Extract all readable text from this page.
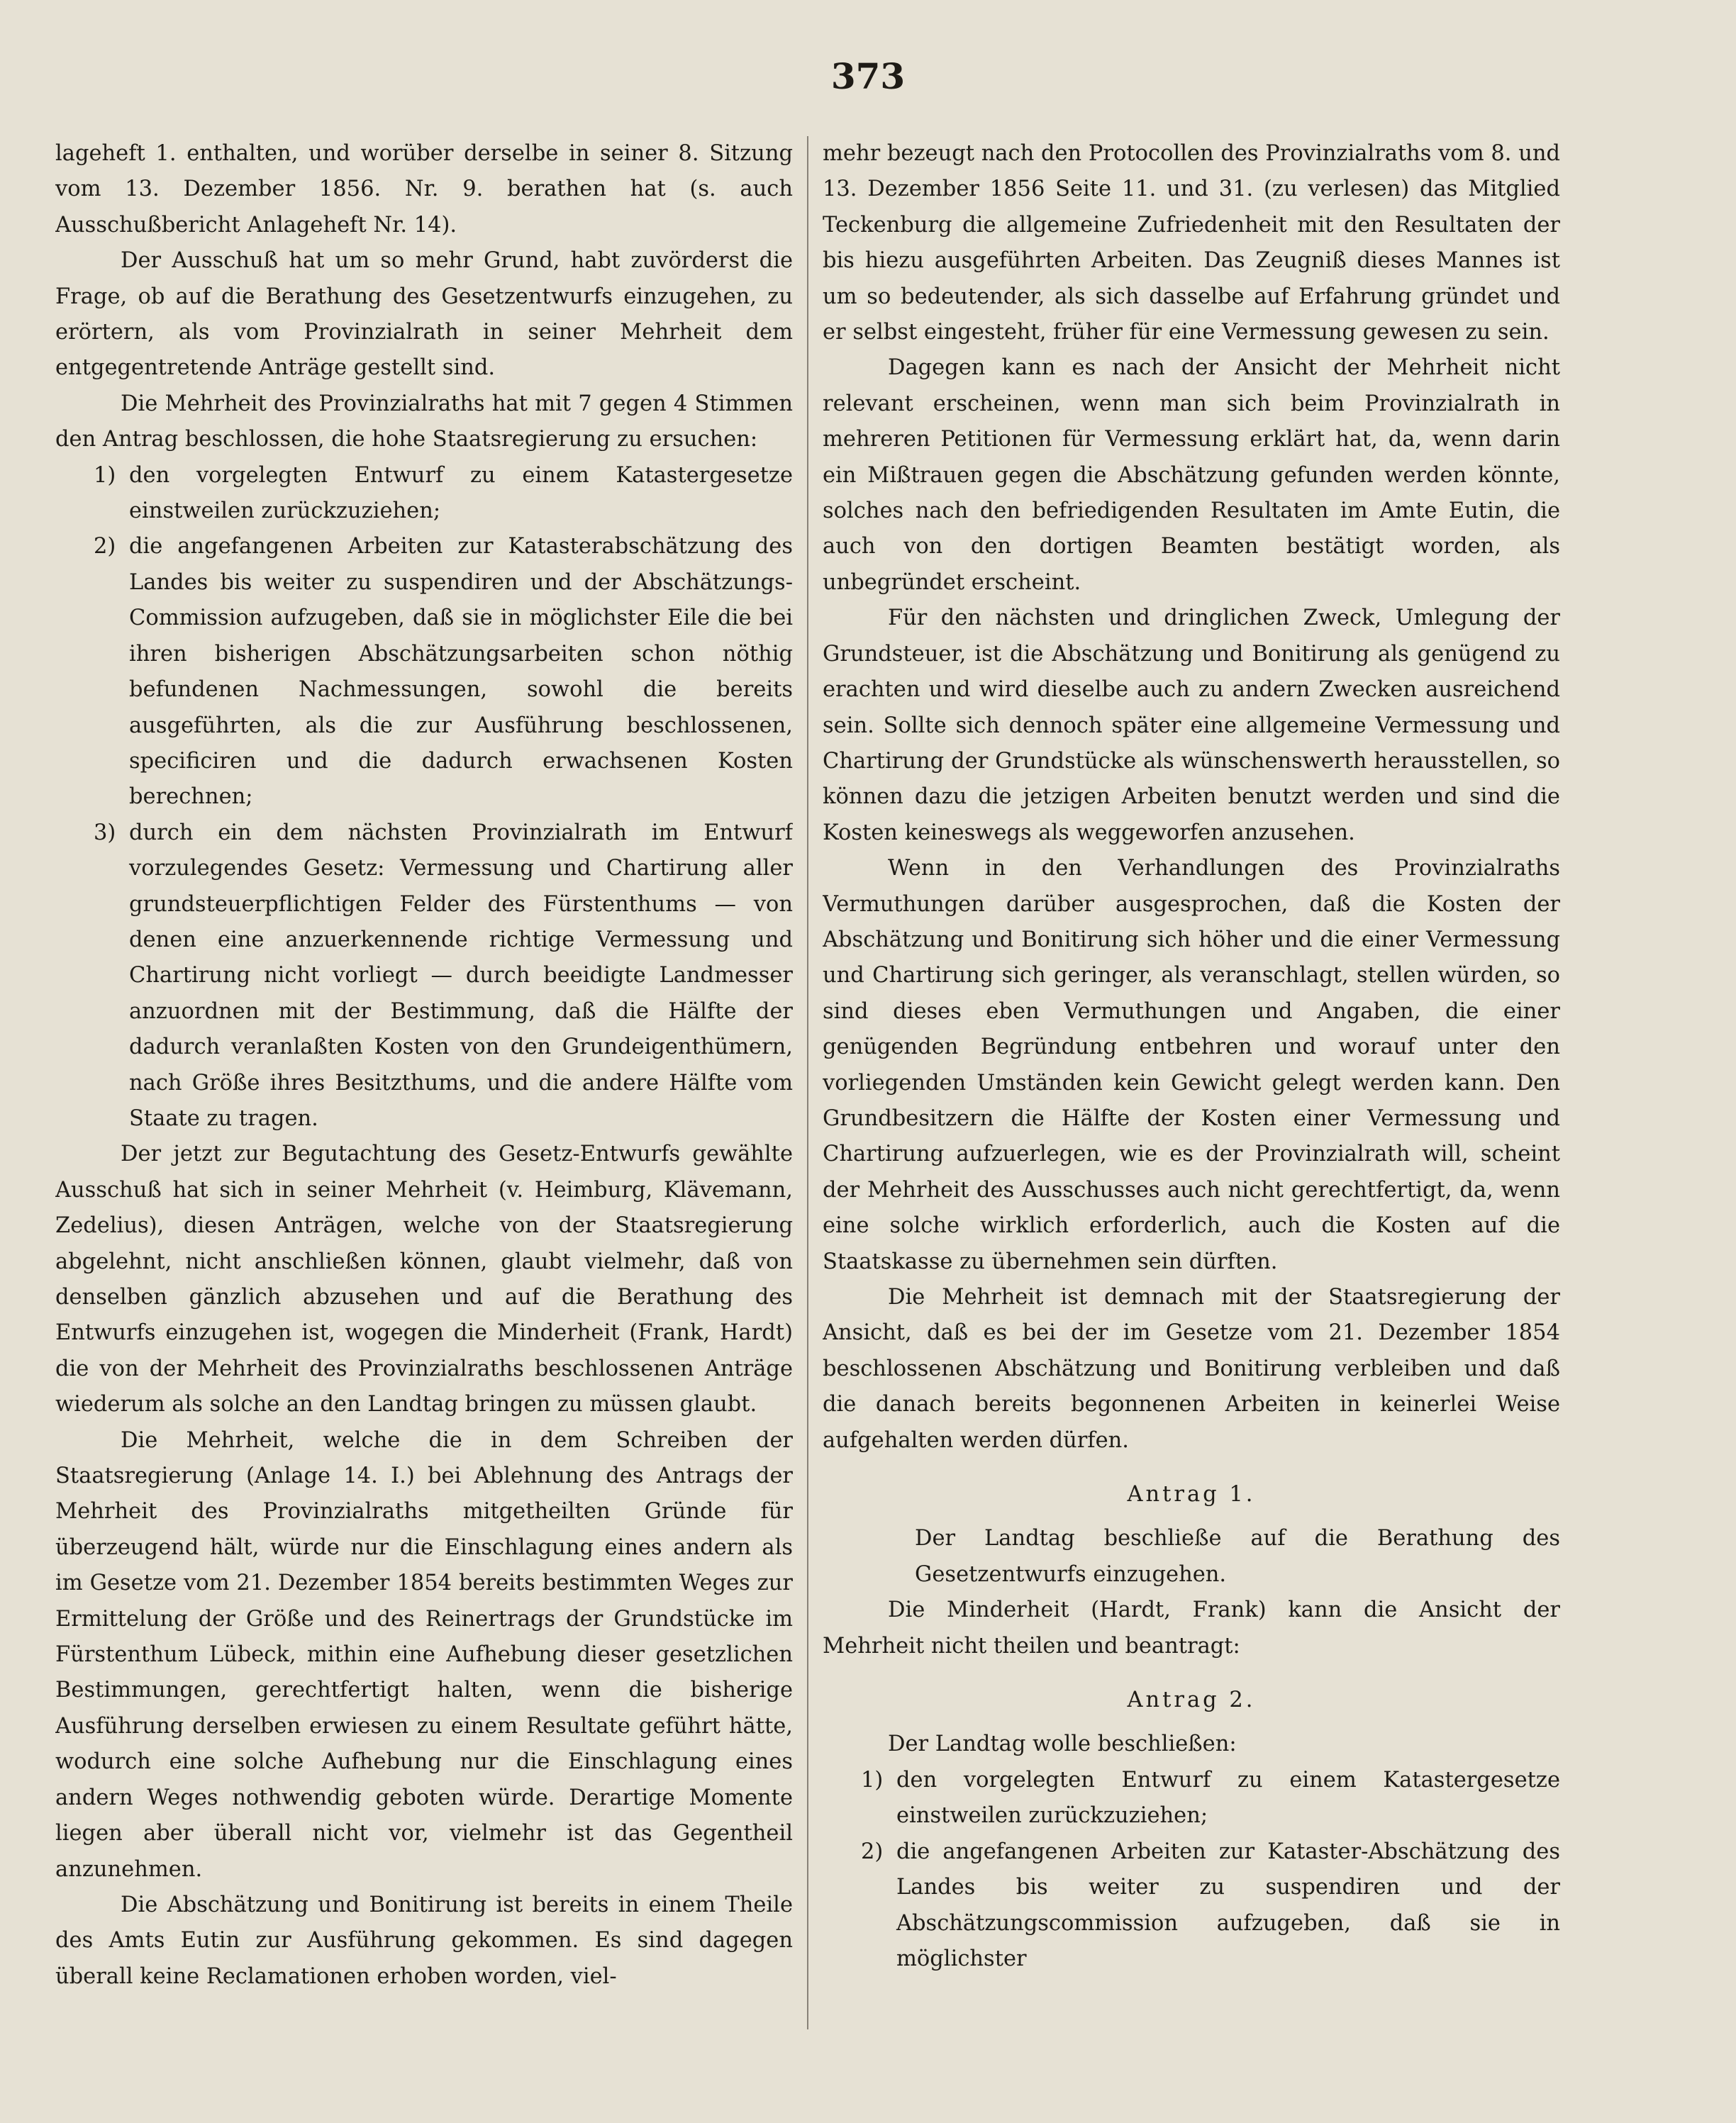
373

lageheft 1. enthalten, und worüber derselbe in seiner 8. Sitzung vom 13. Dezember 1856. Nr. 9. berathen hat (s. auch Ausschußbericht Anlageheft Nr. 14).

Der Ausschuß hat um so mehr Grund, habt zuvörderst die Frage, ob auf die Berathung des Gesetzentwurfs einzugehen, zu erörtern, als vom Provinzialrath in seiner Mehrheit dem entgegentretende Anträge gestellt sind.

Die Mehrheit des Provinzialraths hat mit 7 gegen 4 Stimmen den Antrag beschlossen, die hohe Staatsregierung zu ersuchen:

1) den vorgelegten Entwurf zu einem Katastergesetze einstweilen zurückzuziehen;
2) die angefangenen Arbeiten zur Katasterabschätzung des Landes bis weiter zu suspendiren und der Abschätzungs-Commission aufzugeben, daß sie in möglichster Eile die bei ihren bisherigen Abschätzungsarbeiten schon nöthig befundenen Nachmessungen, sowohl die bereits ausgeführten, als die zur Ausführung beschlossenen, specificiren und die dadurch erwachsenen Kosten berechnen;
3) durch ein dem nächsten Provinzialrath im Entwurf vorzulegendes Gesetz: Vermessung und Chartirung aller grundsteuerpflichtigen Felder des Fürstenthums — von denen eine anzuerkennende richtige Vermessung und Chartirung nicht vorliegt — durch beeidigte Landmesser anzuordnen mit der Bestimmung, daß die Hälfte der dadurch veranlaßten Kosten von den Grundeigenthümern, nach Größe ihres Besitzthums, und die andere Hälfte vom Staate zu tragen.

Der jetzt zur Begutachtung des Gesetz-Entwurfs gewählte Ausschuß hat sich in seiner Mehrheit (v. Heimburg, Klävemann, Zedelius), diesen Anträgen, welche von der Staatsregierung abgelehnt, nicht anschließen können, glaubt vielmehr, daß von denselben gänzlich abzusehen und auf die Berathung des Entwurfs einzugehen ist, wogegen die Minderheit (Frank, Hardt) die von der Mehrheit des Provinzialraths beschlossenen Anträge wiederum als solche an den Landtag bringen zu müssen glaubt.

Die Mehrheit, welche die in dem Schreiben der Staatsregierung (Anlage 14. I.) bei Ablehnung des Antrags der Mehrheit des Provinzialraths mitgetheilten Gründe für überzeugend hält, würde nur die Einschlagung eines andern als im Gesetze vom 21. Dezember 1854 bereits bestimmten Weges zur Ermittelung der Größe und des Reinertrags der Grundstücke im Fürstenthum Lübeck, mithin eine Aufhebung dieser gesetzlichen Bestimmungen, gerechtfertigt halten, wenn die bisherige Ausführung derselben erwiesen zu einem Resultate geführt hätte, wodurch eine solche Aufhebung nur die Einschlagung eines andern Weges nothwendig geboten würde. Derartige Momente liegen aber überall nicht vor, vielmehr ist das Gegentheil anzunehmen.

Die Abschätzung und Bonitirung ist bereits in einem Theile des Amts Eutin zur Ausführung gekommen. Es sind dagegen überall keine Reclamationen erhoben worden, viel-

mehr bezeugt nach den Protocollen des Provinzialraths vom 8. und 13. Dezember 1856 Seite 11. und 31. (zu verlesen) das Mitglied Teckenburg die allgemeine Zufriedenheit mit den Resultaten der bis hiezu ausgeführten Arbeiten. Das Zeugniß dieses Mannes ist um so bedeutender, als sich dasselbe auf Erfahrung gründet und er selbst eingesteht, früher für eine Vermessung gewesen zu sein.

Dagegen kann es nach der Ansicht der Mehrheit nicht relevant erscheinen, wenn man sich beim Provinzialrath in mehreren Petitionen für Vermessung erklärt hat, da, wenn darin ein Mißtrauen gegen die Abschätzung gefunden werden könnte, solches nach den befriedigenden Resultaten im Amte Eutin, die auch von den dortigen Beamten bestätigt worden, als unbegründet erscheint.

Für den nächsten und dringlichen Zweck, Umlegung der Grundsteuer, ist die Abschätzung und Bonitirung als genügend zu erachten und wird dieselbe auch zu andern Zwecken ausreichend sein. Sollte sich dennoch später eine allgemeine Vermessung und Chartirung der Grundstücke als wünschenswerth herausstellen, so können dazu die jetzigen Arbeiten benutzt werden und sind die Kosten keineswegs als weggeworfen anzusehen.

Wenn in den Verhandlungen des Provinzialraths Vermuthungen darüber ausgesprochen, daß die Kosten der Abschätzung und Bonitirung sich höher und die einer Vermessung und Chartirung sich geringer, als veranschlagt, stellen würden, so sind dieses eben Vermuthungen und Angaben, die einer genügenden Begründung entbehren und worauf unter den vorliegenden Umständen kein Gewicht gelegt werden kann. Den Grundbesitzern die Hälfte der Kosten einer Vermessung und Chartirung aufzuerlegen, wie es der Provinzialrath will, scheint der Mehrheit des Ausschusses auch nicht gerechtfertigt, da, wenn eine solche wirklich erforderlich, auch die Kosten auf die Staatskasse zu übernehmen sein dürften.

Die Mehrheit ist demnach mit der Staatsregierung der Ansicht, daß es bei der im Gesetze vom 21. Dezember 1854 beschlossenen Abschätzung und Bonitirung verbleiben und daß die danach bereits begonnenen Arbeiten in keinerlei Weise aufgehalten werden dürfen.

Antrag 1.

Der Landtag beschließe auf die Berathung des Gesetzentwurfs einzugehen.

Die Minderheit (Hardt, Frank) kann die Ansicht der Mehrheit nicht theilen und beantragt:

Antrag 2.

Der Landtag wolle beschließen:

1) den vorgelegten Entwurf zu einem Katastergesetze einstweilen zurückzuziehen;
2) die angefangenen Arbeiten zur Kataster-Abschätzung des Landes bis weiter zu suspendiren und der Abschätzungscommission aufzugeben, daß sie in möglichster
